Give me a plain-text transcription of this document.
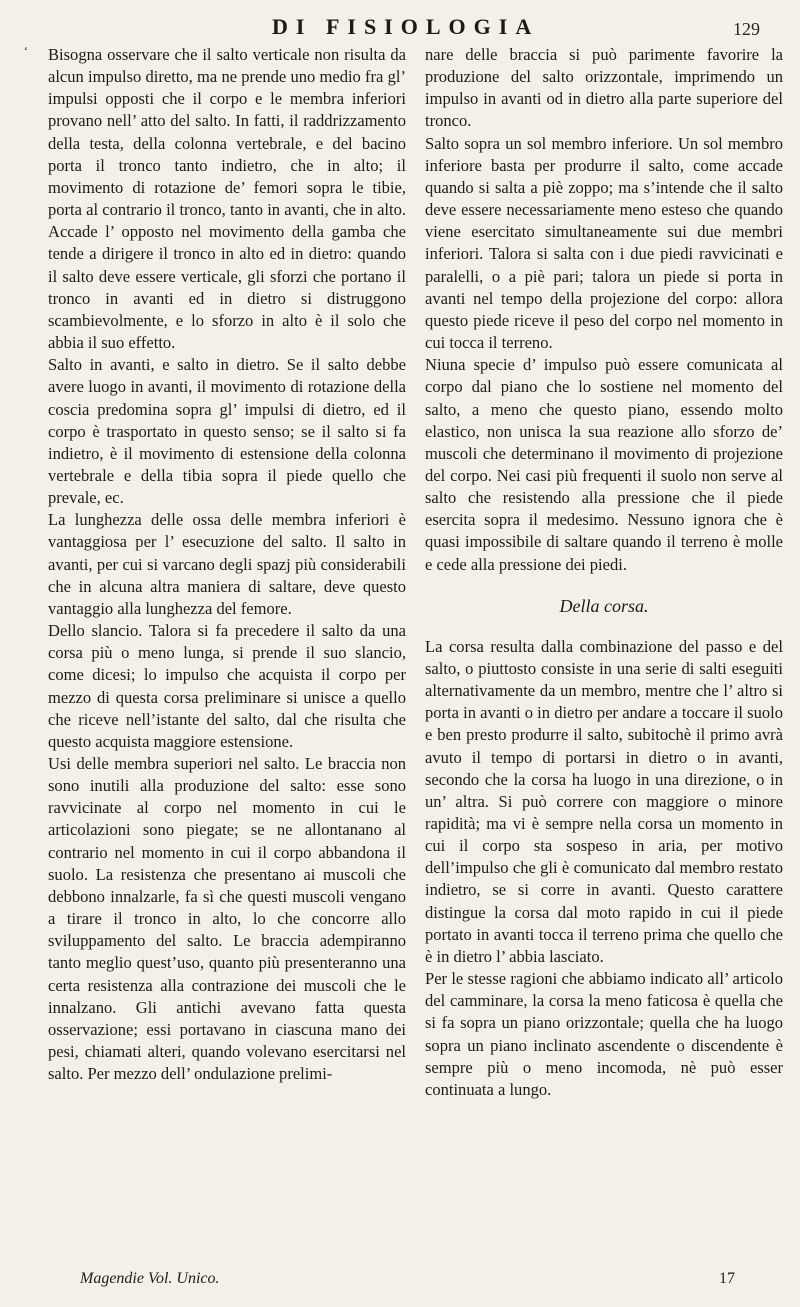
DI FISIOLOGIA	129
‘ Bisogna osservare che il salto verticale non risulta da alcun impulso diretto, ma ne prende uno medio fra gl’ impulsi opposti che il corpo e le membra inferiori provano nell’ atto del salto. In fatti, il raddrizzamento della testa, della colonna vertebrale, e del bacino porta il tronco tanto indietro, che in alto; il movimento di rotazione de’ femori sopra le tibie, porta al contrario il tronco, tanto in avanti, che in alto. Accade l’ opposto nel movimento della gamba che tende a dirigere il tronco in alto ed in dietro: quando il salto deve essere verticale, gli sforzi che portano il tronco in avanti ed in dietro si distruggono scambievolmente, e lo sforzo in alto è il solo che abbia il suo effetto.

Salto in avanti, e salto in dietro. Se il salto debbe avere luogo in avanti, il movimento di rotazione della coscia predomina sopra gl’ impulsi di dietro, ed il corpo è trasportato in questo senso; se il salto si fa indietro, è il movimento di estensione della colonna vertebrale e della tibia sopra il piede quello che prevale, ec.

La lunghezza delle ossa delle membra inferiori è vantaggiosa per l’ esecuzione del salto. Il salto in avanti, per cui si varcano degli spazj più considerabili che in alcuna altra maniera di saltare, deve questo vantaggio alla lunghezza del femore.

Dello slancio. Talora si fa precedere il salto da una corsa più o meno lunga, si prende il suo slancio, come dicesi; lo impulso che acquista il corpo per mezzo di questa corsa preliminare si unisce a quello che riceve nell’istante del salto, dal che risulta che questo acquista maggiore estensione.

Usi delle membra superiori nel salto. Le braccia non sono inutili alla produzione del salto: esse sono ravvicinate al corpo nel momento in cui le articolazioni sono piegate; se ne allontanano al contrario nel momento in cui il corpo abbandona il suolo. La resistenza che presentano ai muscoli che debbono innalzarle, fa sì che questi muscoli vengano a tirare il tronco in alto, lo che concorre allo sviluppamento del salto. Le braccia adempiranno tanto meglio quest’uso, quanto più presenteranno una certa resistenza alla contrazione dei muscoli che le innalzano. Gli antichi avevano fatta questa osservazione; essi portavano in ciascuna mano dei pesi, chiamati alteri, quando volevano esercitarsi nel salto. Per mezzo dell’ ondulazione prelimi-

nare delle braccia si può parimente favorire la produzione del salto orizzontale, imprimendo un impulso in avanti od in dietro alla parte superiore del tronco.

Salto sopra un sol membro inferiore. Un sol membro inferiore basta per produrre il salto, come accade quando si salta a piè zoppo; ma s’intende che il salto deve essere necessariamente meno esteso che quando viene esercitato simultaneamente sui due membri inferiori. Talora si salta con i due piedi ravvicinati e paralelli, o a piè pari; talora un piede si porta in avanti nel tempo della projezione del corpo: allora questo piede riceve il peso del corpo nel momento in cui tocca il terreno.

Niuna specie d’ impulso può essere comunicata al corpo dal piano che lo sostiene nel momento del salto, a meno che questo piano, essendo molto elastico, non unisca la sua reazione allo sforzo de’ muscoli che determinano il movimento di projezione del corpo. Nei casi più frequenti il suolo non serve al salto che resistendo alla pressione che il piede esercita sopra il medesimo. Nessuno ignora che è quasi impossibile di saltare quando il terreno è molle e cede alla pressione dei piedi.

Della corsa.

La corsa resulta dalla combinazione del passo e del salto, o piuttosto consiste in una serie di salti eseguiti alternativamente da un membro, mentre che l’ altro si porta in avanti o in dietro per andare a toccare il suolo e ben presto produrre il salto, subitochè il primo avrà avuto il tempo di portarsi in dietro o in avanti, secondo che la corsa ha luogo in una direzione, o in un’ altra. Si può correre con maggiore o minore rapidità; ma vi è sempre nella corsa un momento in cui il corpo sta sospeso in aria, per motivo dell’impulso che gli è comunicato dal membro restato indietro, se si corre in avanti. Questo carattere distingue la corsa dal moto rapido in cui il piede portato in avanti tocca il terreno prima che quello che è in dietro l’ abbia lasciato.

Per le stesse ragioni che abbiamo indicato all’ articolo del camminare, la corsa la meno faticosa è quella che si fa sopra un piano orizzontale; quella che ha luogo sopra un piano inclinato ascendente o discendente è sempre più o meno incomoda, nè può esser continuata a lungo.

Magendie Vol. Unico.	17
